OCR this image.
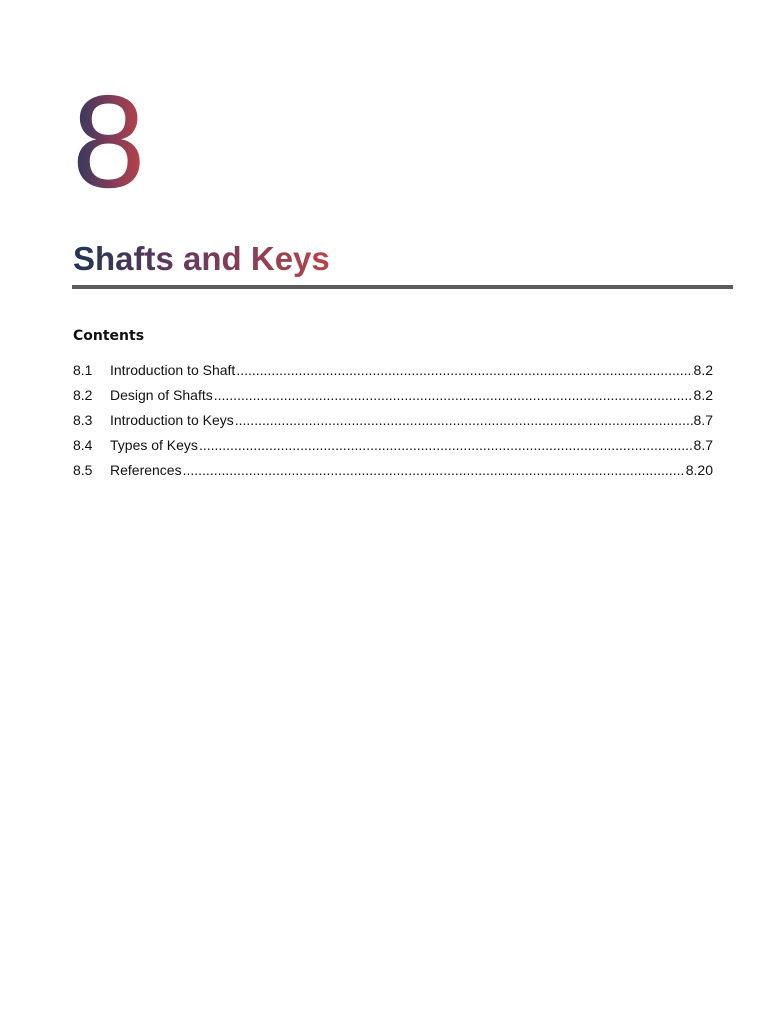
8
Shafts and Keys
Contents
8.1	Introduction to Shaft .....	8.2
8.2	Design of Shafts .....	8.2
8.3	Introduction to Keys .....	8.7
8.4	Types of Keys .....	8.7
8.5	References .....	8.20
